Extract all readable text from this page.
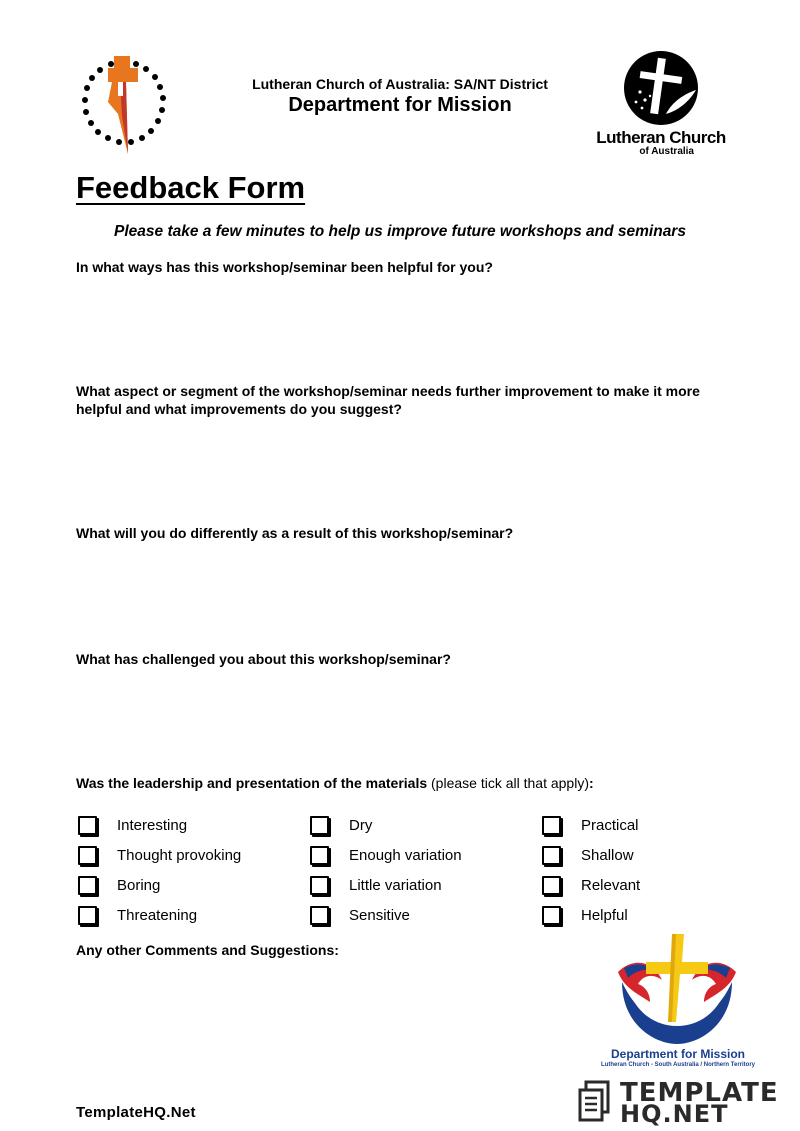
Lutheran Church of Australia: SA/NT District
Department for Mission
Lutheran Church
of Australia
Feedback Form
Please take a few minutes to help us improve future workshops and seminars
In what ways has this workshop/seminar been helpful for you?
What aspect or segment of the workshop/seminar needs further improvement to make it more helpful and what improvements do you suggest?
What will you do differently as a result of this workshop/seminar?
What has challenged you about this workshop/seminar?
Was the leadership and presentation of the materials (please tick all that apply):
Interesting
Thought provoking
Boring
Threatening
Dry
Enough variation
Little variation
Sensitive
Practical
Shallow
Relevant
Helpful
Any other Comments and Suggestions:
Department for Mission
Lutheran Church - South Australia / Northern Territory
TEMPLATE
HQ.NET
TemplateHQ.Net
